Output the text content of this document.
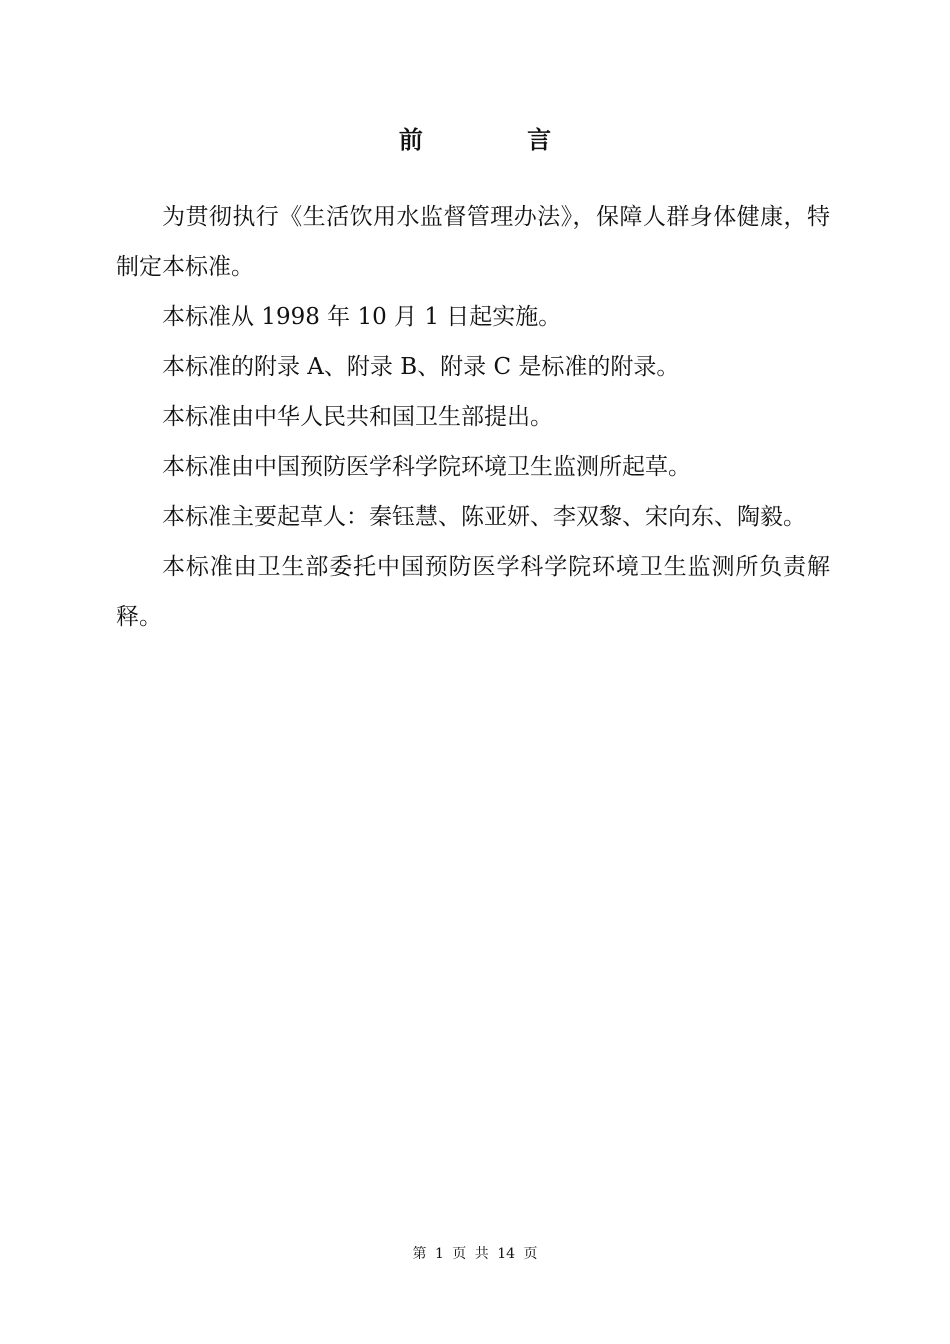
前 言

为贯彻执行《生活饮用水监督管理办法》，保障人群身体健康，特制定本标准。

本标准从 1998 年 10 月 1 日起实施。

本标准的附录 A、附录 B、附录 C 是标准的附录。

本标准由中华人民共和国卫生部提出。

本标准由中国预防医学科学院环境卫生监测所起草。

本标准主要起草人：秦钰慧、陈亚妍、李双黎、宋向东、陶毅。

本标准由卫生部委托中国预防医学科学院环境卫生监测所负责解释。

第 1 页 共 14 页
